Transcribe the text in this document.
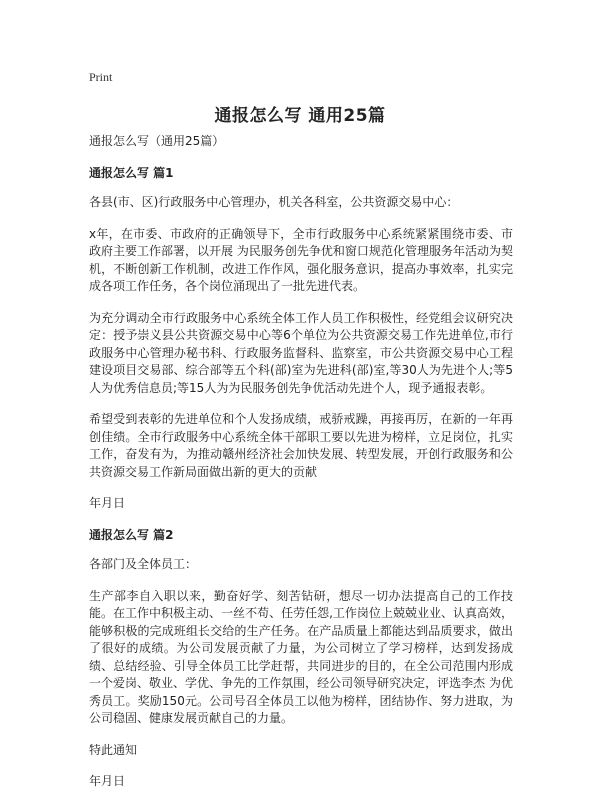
Print
通报怎么写 通用25篇

通报怎么写（通用25篇）

通报怎么写 篇1

各县(市、区)行政服务中心管理办，机关各科室，公共资源交易中心：

x年，在市委、市政府的正确领导下，全市行政服务中心系统紧紧围绕市委、市政府主要工作部署，以开展 为民服务创先争优和窗口规范化管理服务年活动为契机，不断创新工作机制，改进工作作风，强化服务意识，提高办事效率，扎实完成各项工作任务，各个岗位涌现出了一批先进代表。

为充分调动全市行政服务中心系统全体工作人员工作积极性，经党组会议研究决定：授予崇义县公共资源交易中心等6个单位为公共资源交易工作先进单位,市行政服务中心管理办秘书科、行政服务监督科、监察室，市公共资源交易中心工程建设项目交易部、综合部等五个科(部)室为先进科(部)室,等30人为先进个人;等5人为优秀信息员;等15人为为民服务创先争优活动先进个人，现予通报表彰。

希望受到表彰的先进单位和个人发扬成绩，戒骄戒躁，再接再厉，在新的一年再创佳绩。全市行政服务中心系统全体干部职工要以先进为榜样，立足岗位，扎实工作，奋发有为，为推动赣州经济社会加快发展、转型发展，开创行政服务和公共资源交易工作新局面做出新的更大的贡献

年月日

通报怎么写 篇2

各部门及全体员工：

生产部李自入职以来，勤奋好学、刻苦钻研，想尽一切办法提高自己的工作技能。在工作中积极主动、一丝不苟、任劳任怨,工作岗位上兢兢业业、认真高效，能够积极的完成班组长交给的生产任务。在产品质量上都能达到品质要求，做出了很好的成绩。为公司发展贡献了力量，为公司树立了学习榜样，达到发扬成绩、总结经验、引导全体员工比学赶帮，共同进步的目的，在全公司范围内形成一个爱岗、敬业、学优、争先的工作氛围，经公司领导研究决定，评选李杰 为优秀员工。奖励150元。公司号召全体员工以他为榜样，团结协作、努力进取，为公司稳固、健康发展贡献自己的力量。

特此通知

年月日
